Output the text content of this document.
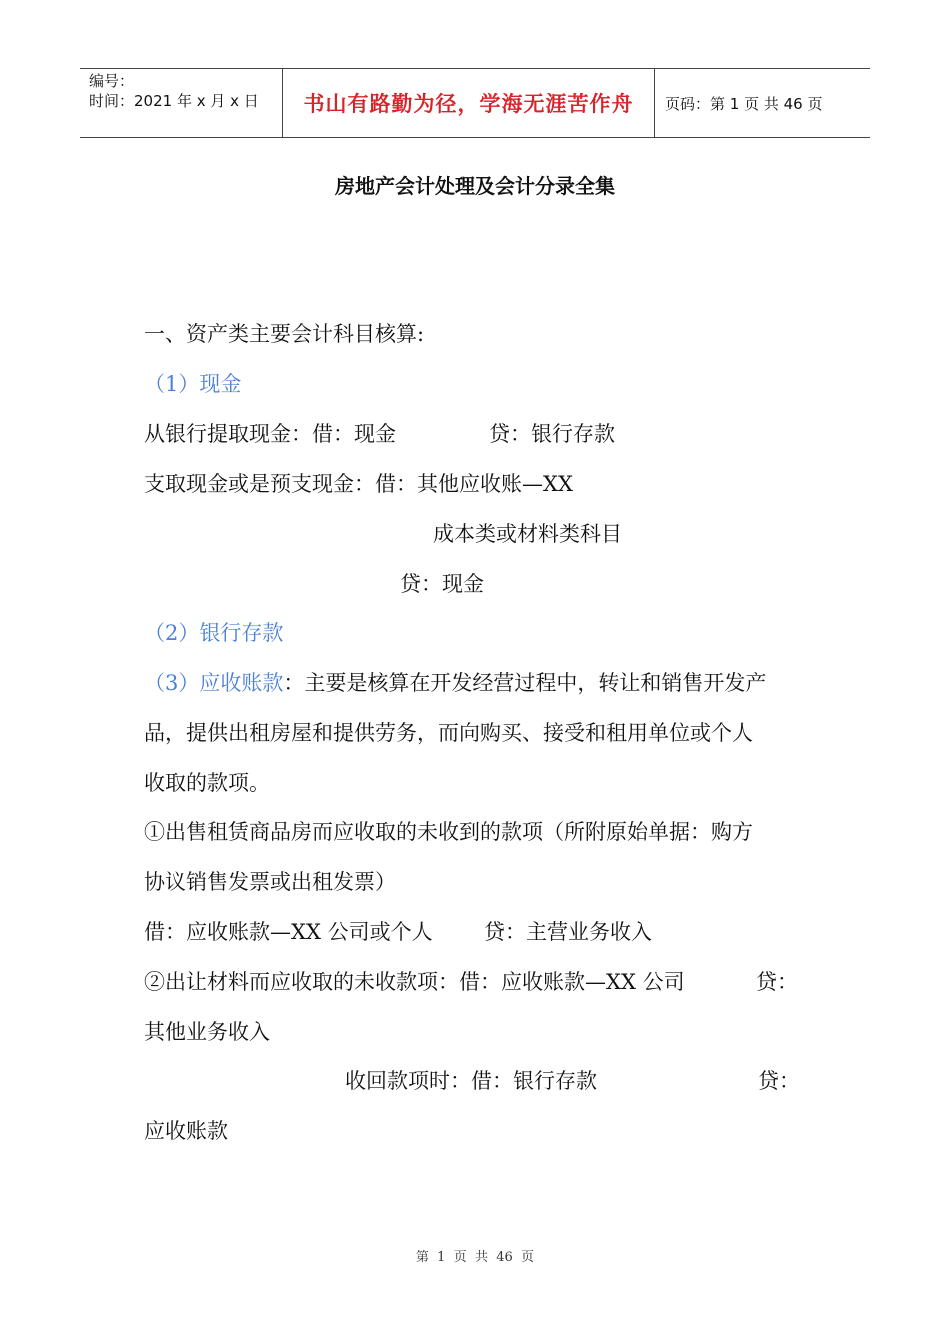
编号：
时间：2021 年 x 月 x 日	书山有路勤为径，学海无涯苦作舟	页码：第 1 页 共 46 页
房地产会计处理及会计分录全集
一、资产类主要会计科目核算:
（1）现金
从银行提取现金：借：现金	贷：银行存款
支取现金或是预支现金：借：其他应收账—XX
成本类或材料类科目
贷：现金
（2）银行存款
（3）应收账款：主要是核算在开发经营过程中，转让和销售开发产
品，提供出租房屋和提供劳务，而向购买、接受和租用单位或个人
收取的款项。
①出售租赁商品房而应收取的未收到的款项（所附原始单据：购方
协议销售发票或出租发票）
借：应收账款—XX 公司或个人 贷：主营业务收入
②出让材料而应收取的未收款项：借：应收账款—XX 公司	贷：
其他业务收入
收回款项时：借：银行存款	贷：
应收账款
第  1  页  共  46  页
